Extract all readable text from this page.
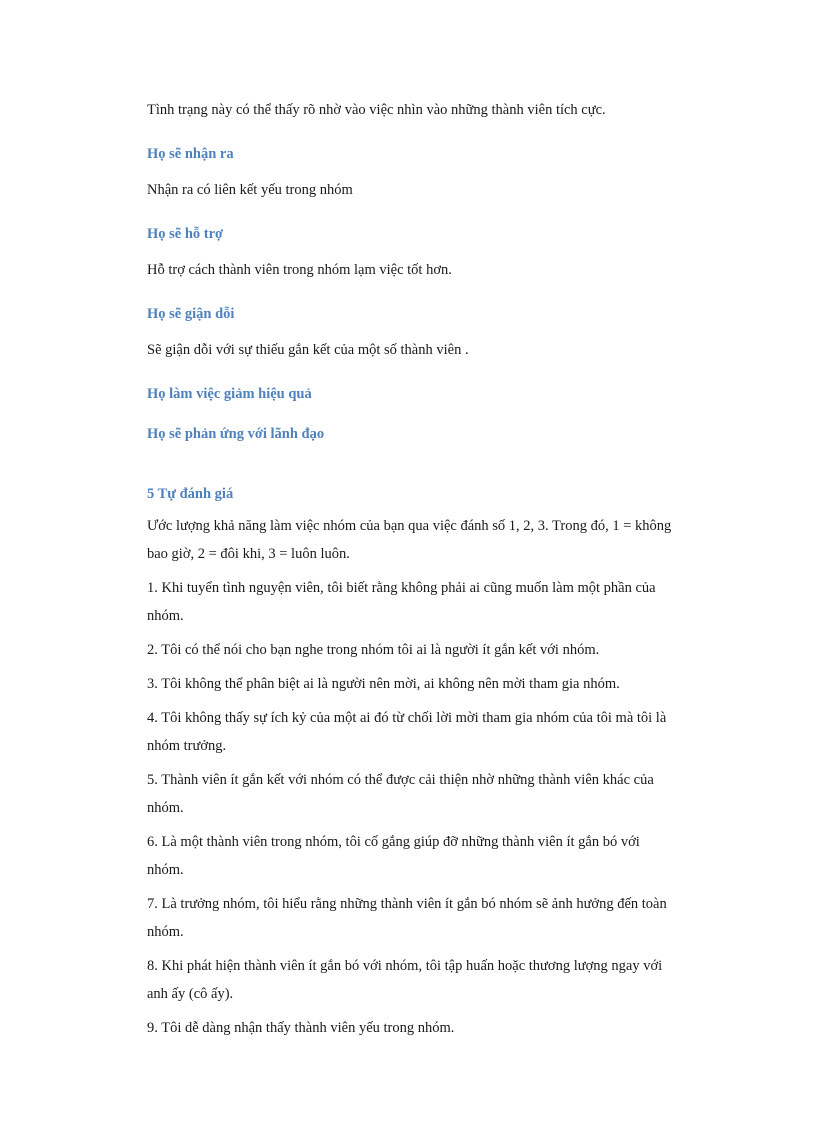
Tình trạng này có thể thấy rõ nhờ vào việc nhìn vào những thành viên tích cực.

Họ sẽ nhận ra

Nhận ra có liên kết yếu trong nhóm

Họ sẽ hỗ trợ

Hỗ trợ cách thành viên trong nhóm lạm việc tốt hơn.

Họ sẽ giận dỗi

Sẽ giận dỗi với sự thiếu gắn kết của một số thành viên .

Họ làm việc giảm hiệu quả

Họ sẽ phản ứng với lãnh đạo

5 Tự đánh giá

Ước lượng khả năng làm việc nhóm của bạn qua việc đánh số 1, 2, 3. Trong đó, 1 = không bao giờ, 2 = đôi khi, 3 = luôn luôn.

1. Khi tuyển tình nguyện viên, tôi biết rằng không phải ai cũng muốn làm một phần của nhóm.

2. Tôi có thể nói cho bạn nghe trong nhóm tôi ai là người ít gắn kết với nhóm.

3. Tôi không thể phân biệt ai là người nên mời, ai không nên mời tham gia nhóm.

4. Tôi không thấy sự ích kỷ của một ai đó từ chối lời mời tham gia nhóm của tôi mà tôi là nhóm trưởng.

5. Thành viên ít gắn kết với nhóm có thể được cải thiện nhờ những thành viên khác của nhóm.

6. Là một thành viên trong nhóm, tôi cố gắng giúp đỡ những thành viên ít gắn bó với nhóm.

7. Là trưởng nhóm, tôi hiểu rằng những thành viên ít gắn bó nhóm sẽ ảnh hưởng đến toàn nhóm.

8. Khi phát hiện thành viên ít gắn bó với nhóm, tôi tập huấn hoặc thương lượng ngay với anh ấy (cô ấy).

9. Tôi dễ dàng nhận thấy thành viên yếu trong nhóm.
